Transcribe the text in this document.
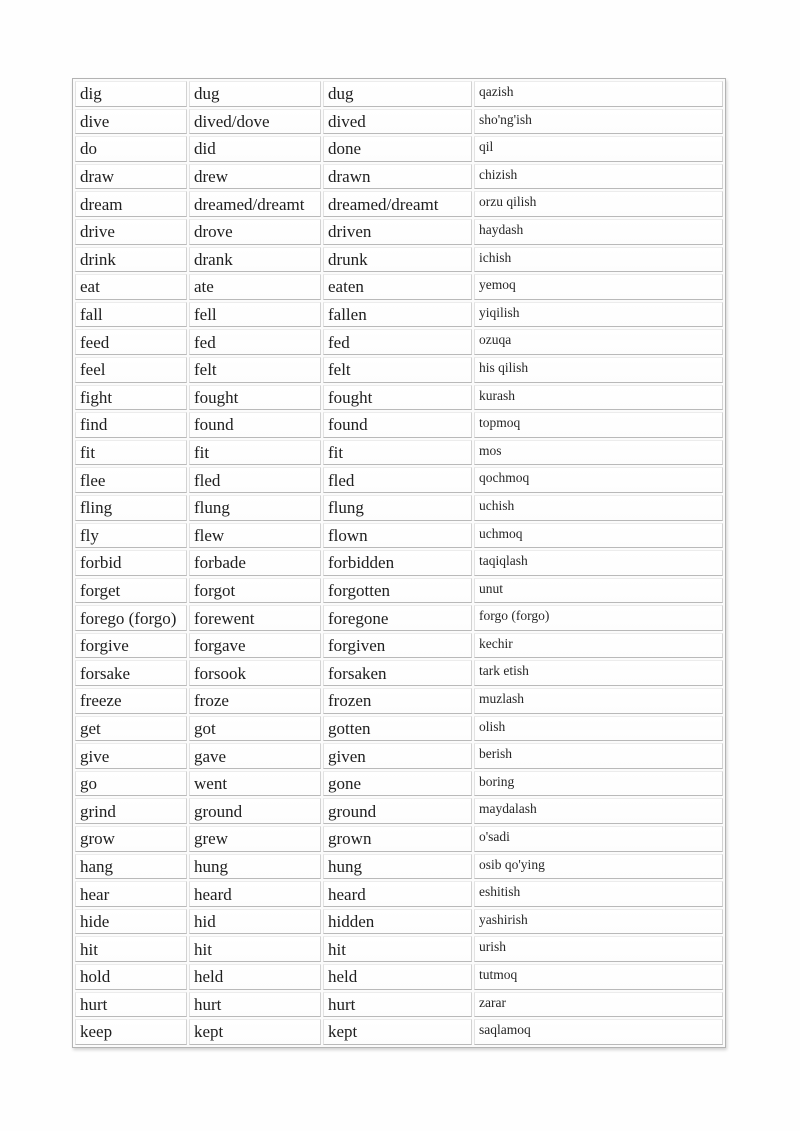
dig	dug	dug	qazish
dive	dived/dove	dived	sho'ng'ish
do	did	done	qil
draw	drew	drawn	chizish
dream	dreamed/dreamt	dreamed/dreamt	orzu qilish
drive	drove	driven	haydash
drink	drank	drunk	ichish
eat	ate	eaten	yemoq
fall	fell	fallen	yiqilish
feed	fed	fed	ozuqa
feel	felt	felt	his qilish
fight	fought	fought	kurash
find	found	found	topmoq
fit	fit	fit	mos
flee	fled	fled	qochmoq
fling	flung	flung	uchish
fly	flew	flown	uchmoq
forbid	forbade	forbidden	taqiqlash
forget	forgot	forgotten	unut
forego (forgo)	forewent	foregone	forgo (forgo)
forgive	forgave	forgiven	kechir
forsake	forsook	forsaken	tark etish
freeze	froze	frozen	muzlash
get	got	gotten	olish
give	gave	given	berish
go	went	gone	boring
grind	ground	ground	maydalash
grow	grew	grown	o'sadi
hang	hung	hung	osib qo'ying
hear	heard	heard	eshitish
hide	hid	hidden	yashirish
hit	hit	hit	urish
hold	held	held	tutmoq
hurt	hurt	hurt	zarar
keep	kept	kept	saqlamoq
